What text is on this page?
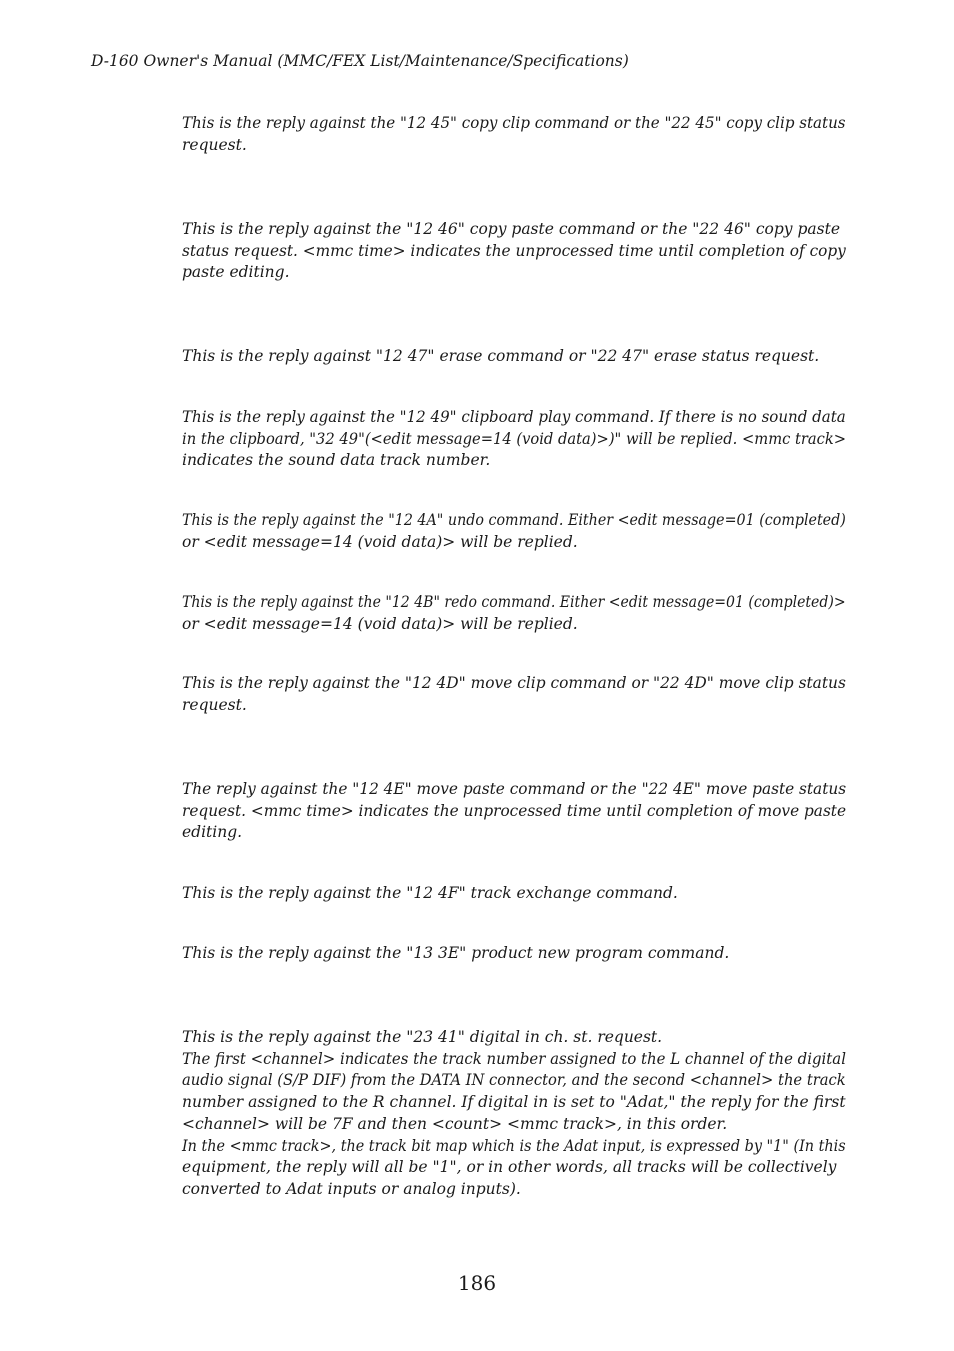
D-160 Owner's Manual (MMC/FEX List/Maintenance/Specifications)
This is the reply against the "12 45" copy clip command or the "22 45" copy clip status
request.
This is the reply against the "12 46" copy paste command or the "22 46" copy paste
status request. <mmc time> indicates the unprocessed time until completion of copy
paste editing.
This is the reply against "12 47" erase command or "22 47" erase status request.
This is the reply against the "12 49" clipboard play command. If there is no sound data
in the clipboard, "32 49"(<edit message=14 (void data)>)" will be replied. <mmc track>
indicates the sound data track number.
This is the reply against the "12 4A" undo command. Either <edit message=01 (completed)
or <edit message=14 (void data)> will be replied.
This is the reply against the "12 4B" redo command. Either <edit message=01 (completed)>
or <edit message=14 (void data)> will be replied.
This is the reply against the "12 4D" move clip command or "22 4D" move clip status
request.
The reply against the "12 4E" move paste command or the "22 4E" move paste status
request. <mmc time> indicates the unprocessed time until completion of move paste
editing.
This is the reply against the "12 4F" track exchange command.
This is the reply against the "13 3E" product new program command.
This is the reply against the "23 41" digital in ch. st. request.
The first <channel> indicates the track number assigned to the L channel of the digital
audio signal (S/P DIF) from the DATA IN connector, and the second <channel> the track
number assigned to the R channel. If digital in is set to "Adat," the reply for the first
<channel> will be 7F and then <count> <mmc track>, in this order.
In the <mmc track>, the track bit map which is the Adat input, is expressed by "1" (In this
equipment, the reply will all be "1", or in other words, all tracks will be collectively
converted to Adat inputs or analog inputs).
186
